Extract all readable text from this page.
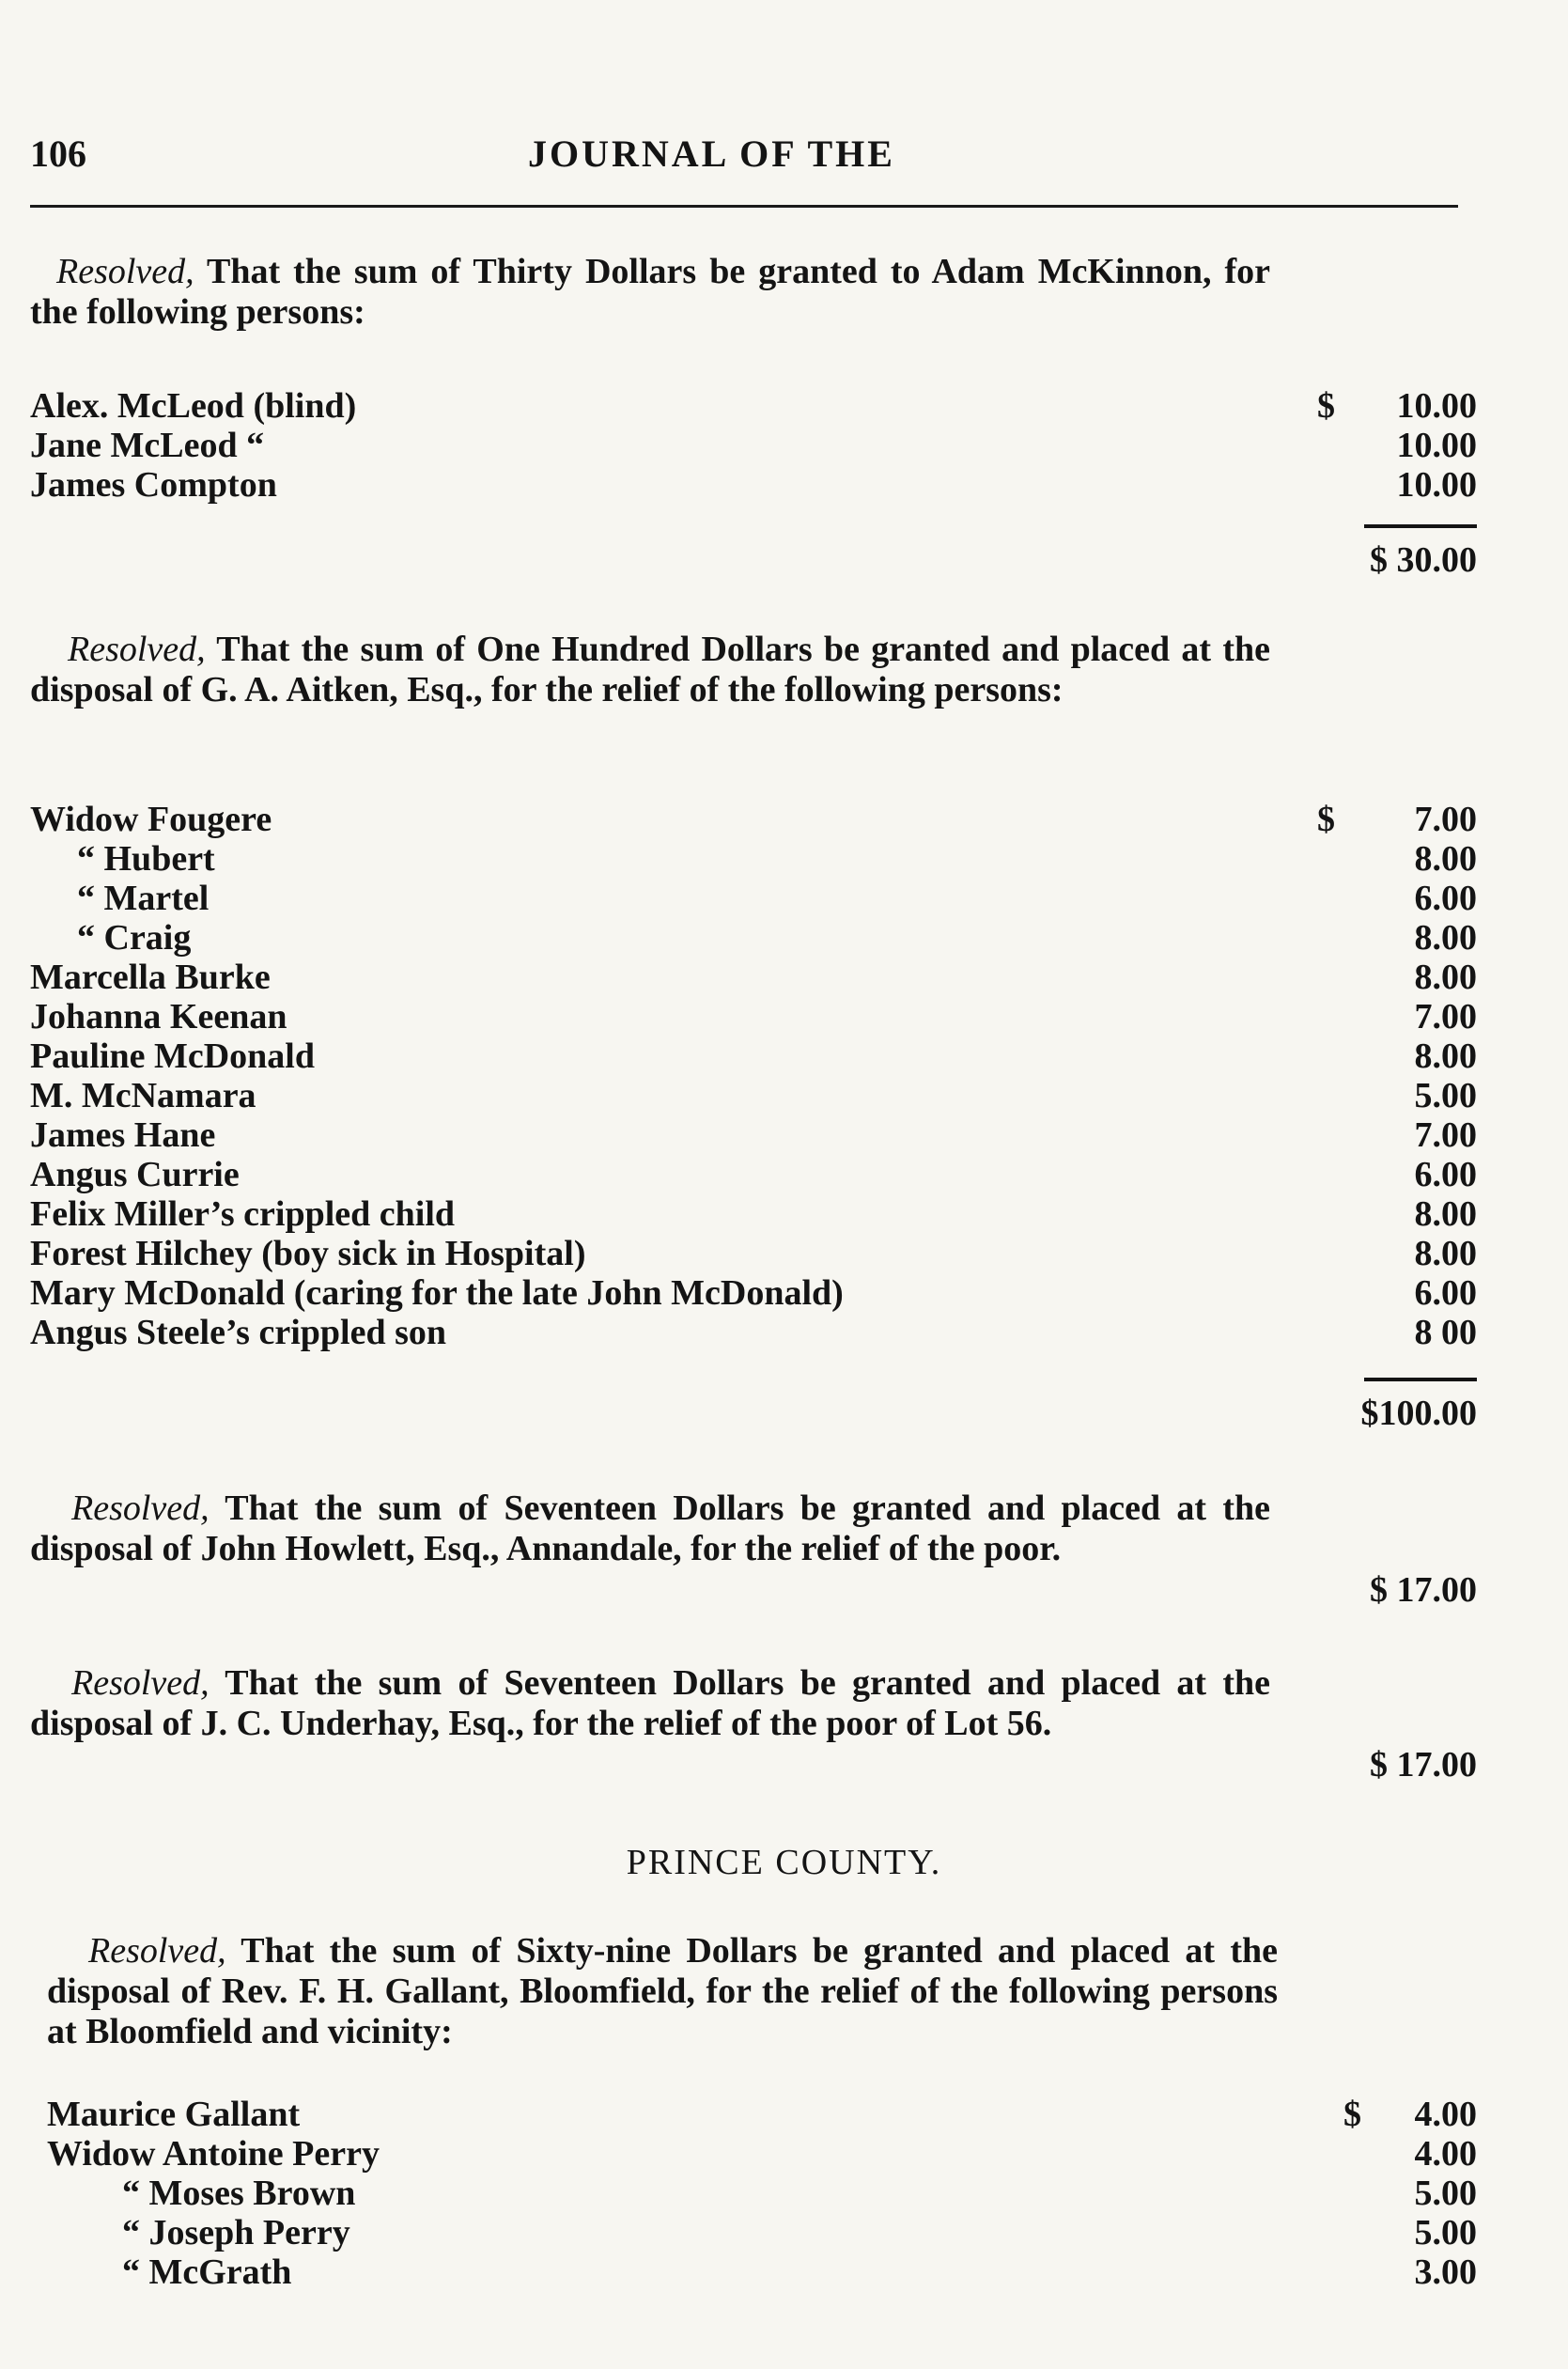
106	JOURNAL OF THE

Resolved, That the sum of Thirty Dollars be granted to Adam McKinnon, for the following persons:

Alex. McLeod (blind)	$ 10.00
Jane McLeod “	10.00
James Compton	10.00
$ 30.00

Resolved, That the sum of One Hundred Dollars be granted and placed at the disposal of G. A. Aitken, Esq., for the relief of the following persons:

Widow Fougere	$ 7.00
“ Hubert	8.00
“ Martel	6.00
“ Craig	8.00
Marcella Burke	8.00
Johanna Keenan	7.00
Pauline McDonald	8.00
M. McNamara	5.00
James Hane	7.00
Angus Currie	6.00
Felix Miller’s crippled child	8.00
Forest Hilchey (boy sick in Hospital)	8.00
Mary McDonald (caring for the late John McDonald)	6.00
Angus Steele’s crippled son	8 00
$100.00

Resolved, That the sum of Seventeen Dollars be granted and placed at the disposal of John Howlett, Esq., Annandale, for the relief of the poor.

$ 17.00

Resolved, That the sum of Seventeen Dollars be granted and placed at the disposal of J. C. Underhay, Esq., for the relief of the poor of Lot 56.

$ 17.00
PRINCE COUNTY.

Resolved, That the sum of Sixty-nine Dollars be granted and placed at the disposal of Rev. F. H. Gallant, Bloomfield, for the relief of the following persons at Bloomfield and vicinity:

Maurice Gallant	$ 4.00
Widow Antoine Perry	4.00
“ Moses Brown	5.00
“ Joseph Perry	5.00
“ McGrath	3.00
